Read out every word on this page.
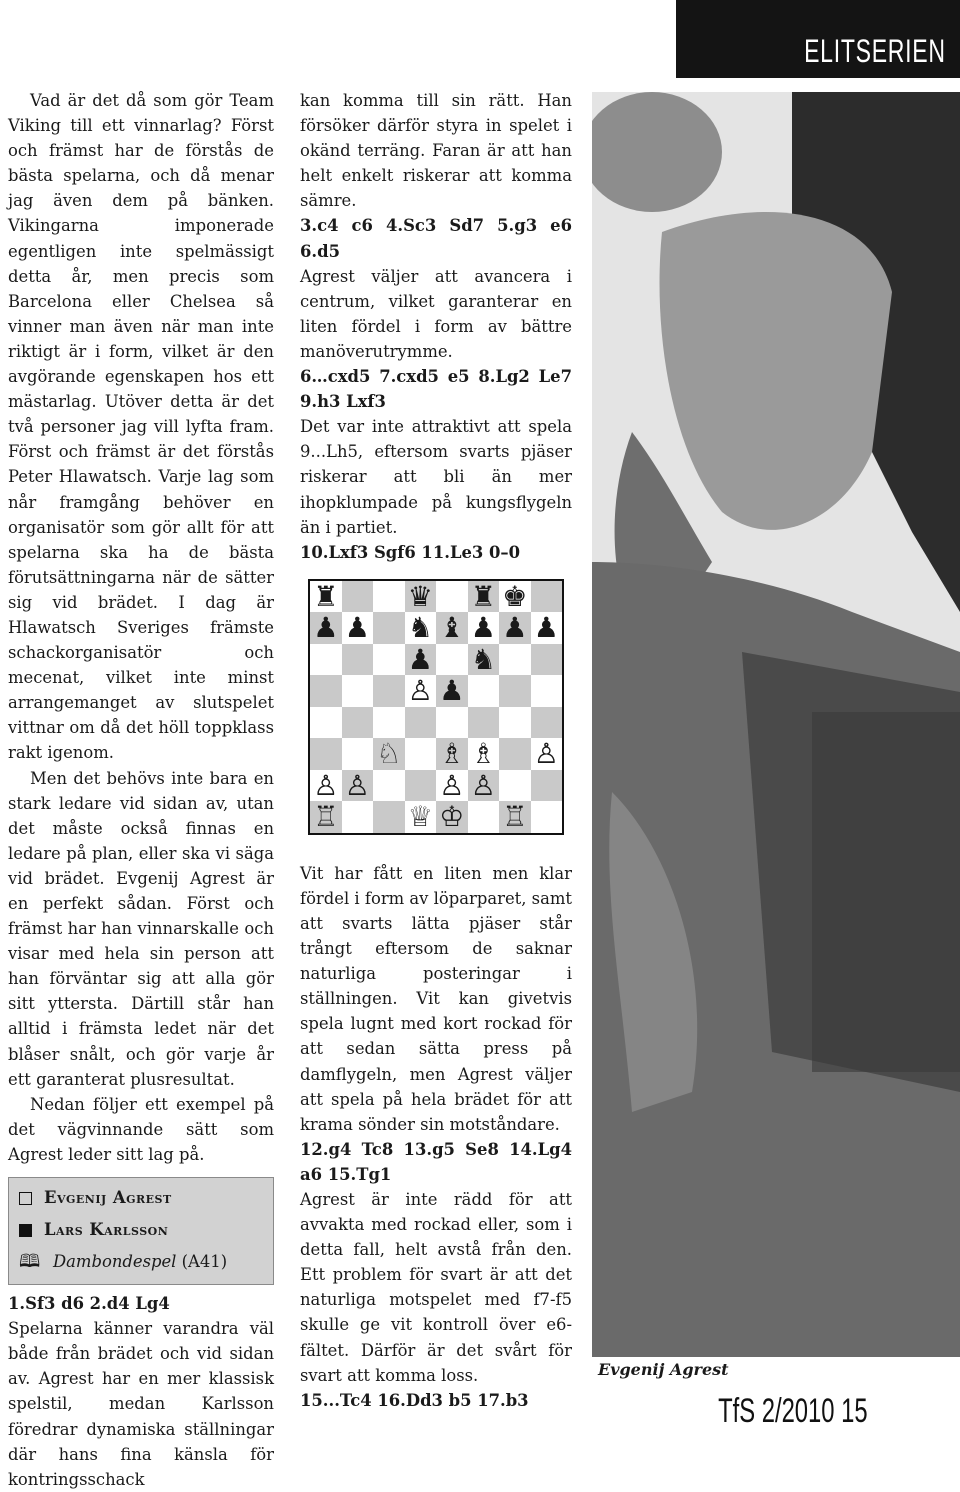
ELITSERIEN

Vad är det då som gör Team Viking till ett vinnarlag? Först och främst har de förstås de bästa spelarna, och då menar jag även dem på bänken. Vikingarna imponerade egentligen inte spelmässigt detta år, men precis som Barcelona eller Chelsea så vinner man även när man inte riktigt är i form, vilket är den avgörande egenskapen hos ett mästarlag. Utöver detta är det två personer jag vill lyfta fram. Först och främst är det förstås Peter Hlawatsch. Varje lag som når framgång behöver en organisatör som gör allt för att spelarna ska ha de bästa förutsättningarna när de sätter sig vid brädet. I dag är Hlawatsch Sveriges främste schackorganisatör och mecenat, vilket inte minst arrangemanget av slutspelet vittnar om då det höll toppklass rakt igenom.

Men det behövs inte bara en stark ledare vid sidan av, utan det måste också finnas en ledare på plan, eller ska vi säga vid brädet. Evgenij Agrest är en perfekt sådan. Först och främst har han vinnarskalle och visar med hela sin person att han förväntar sig att alla gör sitt yttersta. Därtill står han alltid i främsta ledet när det blåser snålt, och gör varje år ett garanterat plusresultat.

Nedan följer ett exempel på det vägvinnande sätt som Agrest leder sitt lag på.

Evgenij Agrest
Lars Karlsson
🕮 Dambondespel
(A41)

1.Sf3 d6 2.d4 Lg4

Spelarna känner varandra väl både från brädet och vid sidan av. Agrest har en mer klassisk spelstil, medan Karlsson föredrar dynamiska ställningar där hans fina känsla för kontringsschack

kan komma till sin rätt. Han försöker därför styra in spelet i okänd terräng. Faran är att han helt enkelt riskerar att komma sämre.

3.c4 c6 4.Sc3 Sd7 5.g3 e6 6.d5

Agrest väljer att avancera i centrum, vilket garanterar en liten fördel i form av bättre manöverutrymme.

6…cxd5 7.cxd5 e5 8.Lg2 Le7 9.h3 Lxf3

Det var inte attraktivt att spela 9...Lh5, eftersom svarts pjäser riskerar att bli än mer ihopklumpade på kungsflygeln än i partiet.

10.Lxf3 Sgf6 11.Le3 0–0

♜ ♛ ♜ ♚
♟ ♟ ♞ ♝ ♟ ♟ ♟
♟ ♞
♙ ♟
♘ ♗ ♗ ♙
♙ ♙ ♙ ♙
♖ ♕ ♔ ♖

Vit har fått en liten men klar fördel i form av löparparet, samt att svarts lätta pjäser står trångt eftersom de saknar naturliga posteringar i ställningen. Vit kan givetvis spela lugnt med kort rockad för att sedan sätta press på damflygeln, men Agrest väljer att spela på hela brädet för att krama sönder sin motståndare.

12.g4 Tc8 13.g5 Se8 14.Lg4 a6 15.Tg1

Agrest är inte rädd för att avvakta med rockad eller, som i detta fall, helt avstå från den. Ett problem för svart är att det naturliga motspelet med f7-f5 skulle ge vit kontroll över e6-fältet. Därför är det svårt för svart att komma loss.

15...Tc4 16.Dd3 b5 17.b3

Evgenij Agrest
TfS 2/2010 15
